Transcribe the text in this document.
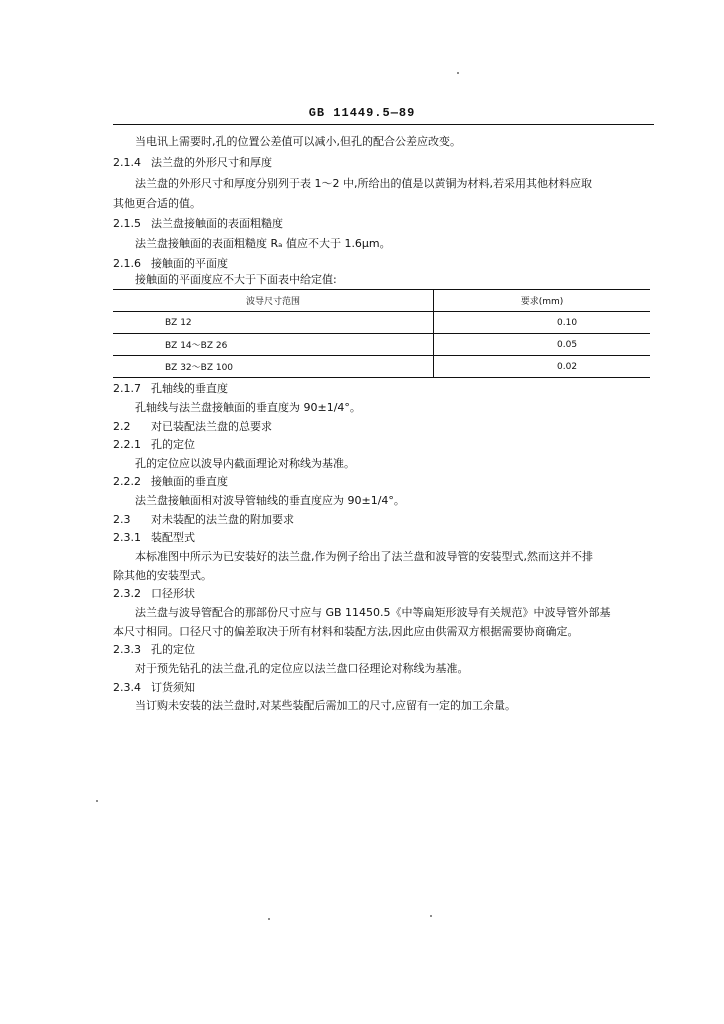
GB 11449.5—89
当电讯上需要时,孔的位置公差值可以减小,但孔的配合公差应改变。
2.1.4 法兰盘的外形尺寸和厚度
法兰盘的外形尺寸和厚度分别列于表 1～2 中,所给出的值是以黄铜为材料,若采用其他材料应取
其他更合适的值。
2.1.5 法兰盘接触面的表面粗糙度
法兰盘接触面的表面粗糙度 Rₐ 值应不大于 1.6μm。
2.1.6 接触面的平面度
接触面的平面度应不大于下面表中给定值:
波导尺寸范围	要求(mm)
BZ 12	0.10
BZ 14～BZ 26	0.05
BZ 32～BZ 100	0.02
2.1.7 孔轴线的垂直度
孔轴线与法兰盘接触面的垂直度为 90±1/4°。
2.2 对已装配法兰盘的总要求
2.2.1 孔的定位
孔的定位应以波导内截面理论对称线为基准。
2.2.2 接触面的垂直度
法兰盘接触面相对波导管轴线的垂直度应为 90±1/4°。
2.3 对未装配的法兰盘的附加要求
2.3.1 装配型式
本标准图中所示为已安装好的法兰盘,作为例子给出了法兰盘和波导管的安装型式,然而这并不排
除其他的安装型式。
2.3.2 口径形状
法兰盘与波导管配合的那部份尺寸应与 GB 11450.5《中等扁矩形波导有关规范》中波导管外部基
本尺寸相同。口径尺寸的偏差取决于所有材料和装配方法,因此应由供需双方根据需要协商确定。
2.3.3 孔的定位
对于预先钻孔的法兰盘,孔的定位应以法兰盘口径理论对称线为基准。
2.3.4 订货须知
当订购未安装的法兰盘时,对某些装配后需加工的尺寸,应留有一定的加工余量。
